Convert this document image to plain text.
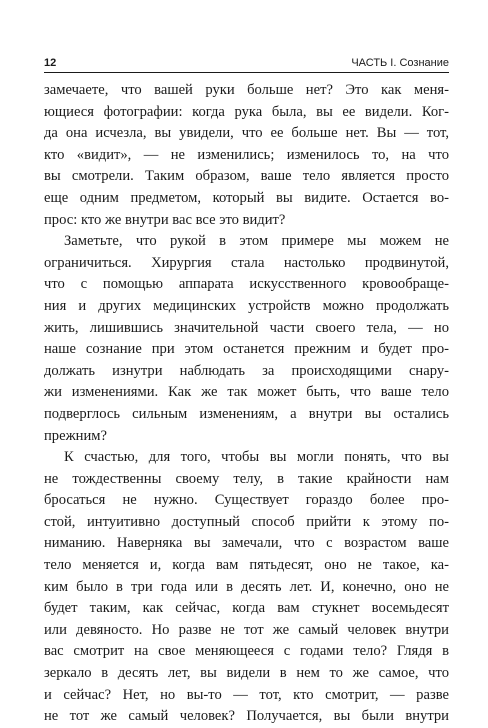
12	ЧАСТЬ I. Сознание
замечаете, что вашей руки больше нет? Это как меня-
ющиеся фотографии: когда рука была, вы ее видели. Ког-
да она исчезла, вы увидели, что ее больше нет. Вы — тот,
кто «видит», — не изменились; изменилось то, на что
вы смотрели. Таким образом, ваше тело является просто
еще одним предметом, который вы видите. Остается во-
прос: кто же внутри вас все это видит?
Заметьте, что рукой в этом примере мы можем не
ограничиться. Хирургия стала настолько продвинутой,
что с помощью аппарата искусственного кровообраще-
ния и других медицинских устройств можно продолжать
жить, лишившись значительной части своего тела, — но
наше сознание при этом останется прежним и будет про-
должать изнутри наблюдать за происходящими снару-
жи изменениями. Как же так может быть, что ваше тело
подверглось сильным изменениям, а внутри вы остались
прежним?
К счастью, для того, чтобы вы могли понять, что вы
не тождественны своему телу, в такие крайности нам
бросаться не нужно. Существует гораздо более про-
стой, интуитивно доступный способ прийти к этому по-
ниманию. Наверняка вы замечали, что с возрастом ваше
тело меняется и, когда вам пятьдесят, оно не такое, ка-
ким было в три года или в десять лет. И, конечно, оно не
будет таким, как сейчас, когда вам стукнет восемьдесят
или девяносто. Но разве не тот же самый человек внутри
вас смотрит на свое меняющееся с годами тело? Глядя в
зеркало в десять лет, вы видели в нем то же самое, что
и сейчас? Нет, но вы-то — тот, кто смотрит, — разве
не тот же самый человек? Получается, вы были внутри
